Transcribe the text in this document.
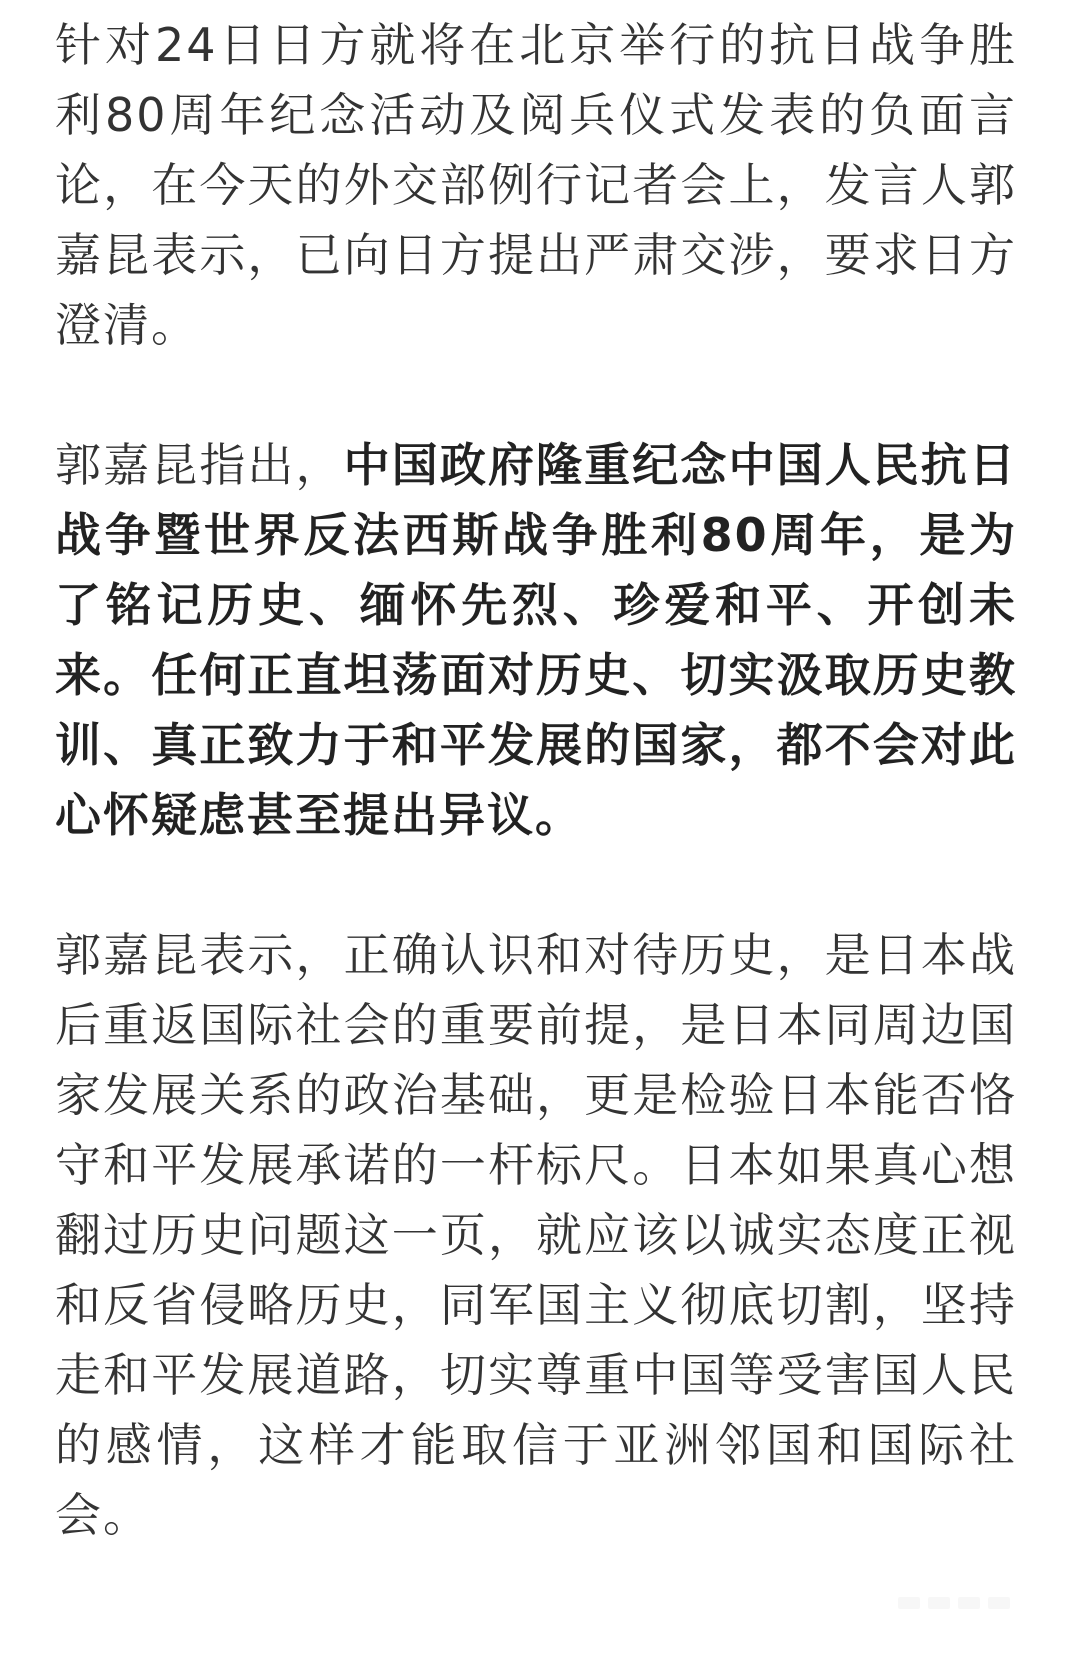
针对24日日方就将在北京举行的抗日战争胜利80周年纪念活动及阅兵仪式发表的负面言论，在今天的外交部例行记者会上，发言人郭嘉昆表示，已向日方提出严肃交涉，要求日方澄清。

郭嘉昆指出，中国政府隆重纪念中国人民抗日战争暨世界反法西斯战争胜利80周年，是为了铭记历史、缅怀先烈、珍爱和平、开创未来。任何正直坦荡面对历史、切实汲取历史教训、真正致力于和平发展的国家，都不会对此心怀疑虑甚至提出异议。

郭嘉昆表示，正确认识和对待历史，是日本战后重返国际社会的重要前提，是日本同周边国家发展关系的政治基础，更是检验日本能否恪守和平发展承诺的一杆标尺。日本如果真心想翻过历史问题这一页，就应该以诚实态度正视和反省侵略历史，同军国主义彻底切割，坚持走和平发展道路，切实尊重中国等受害国人民的感情，这样才能取信于亚洲邻国和国际社会。
